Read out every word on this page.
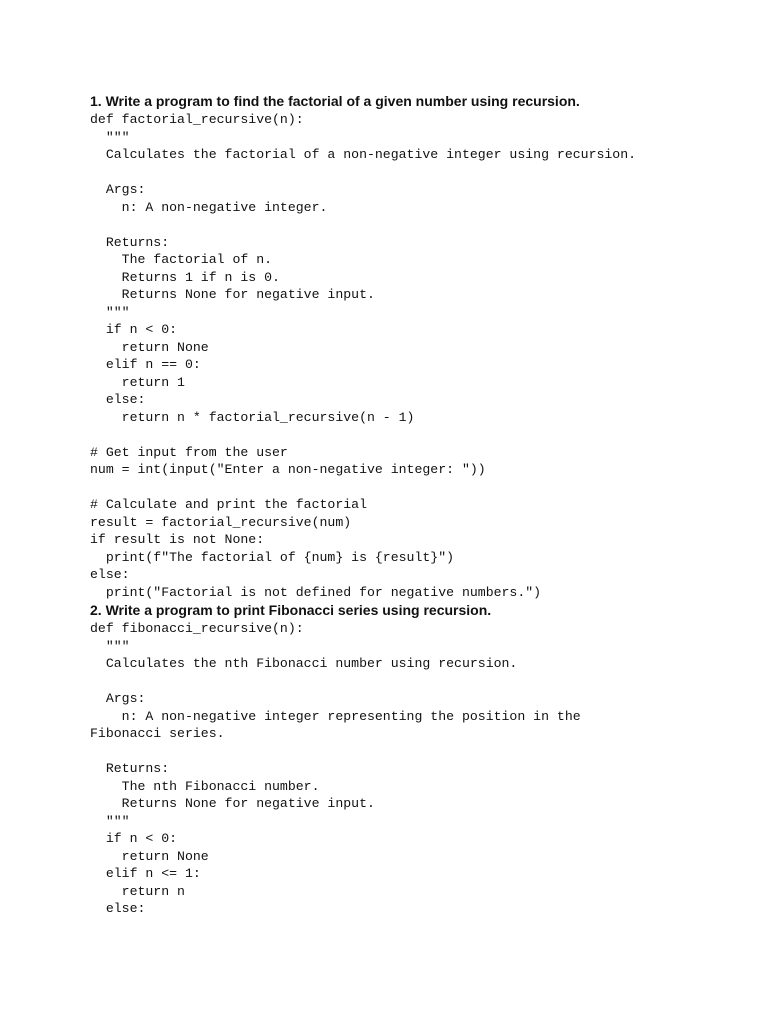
1. Write a program to find the factorial of a given number using recursion.
def factorial_recursive(n):
"""
Calculates the factorial of a non-negative integer using recursion.
Args:
n: A non-negative integer.
Returns:
The factorial of n.
Returns 1 if n is 0.
Returns None for negative input.
"""
if n < 0:
return None
elif n == 0:
return 1
else:
return n * factorial_recursive(n - 1)
# Get input from the user
num = int(input("Enter a non-negative integer: "))
# Calculate and print the factorial
result = factorial_recursive(num)
if result is not None:
print(f"The factorial of {num} is {result}")
else:
print("Factorial is not defined for negative numbers.")
2. Write a program to print Fibonacci series using recursion.
def fibonacci_recursive(n):
"""
Calculates the nth Fibonacci number using recursion.
Args:
n: A non-negative integer representing the position in the
Fibonacci series.
Returns:
The nth Fibonacci number.
Returns None for negative input.
"""
if n < 0:
return None
elif n <= 1:
return n
else:
